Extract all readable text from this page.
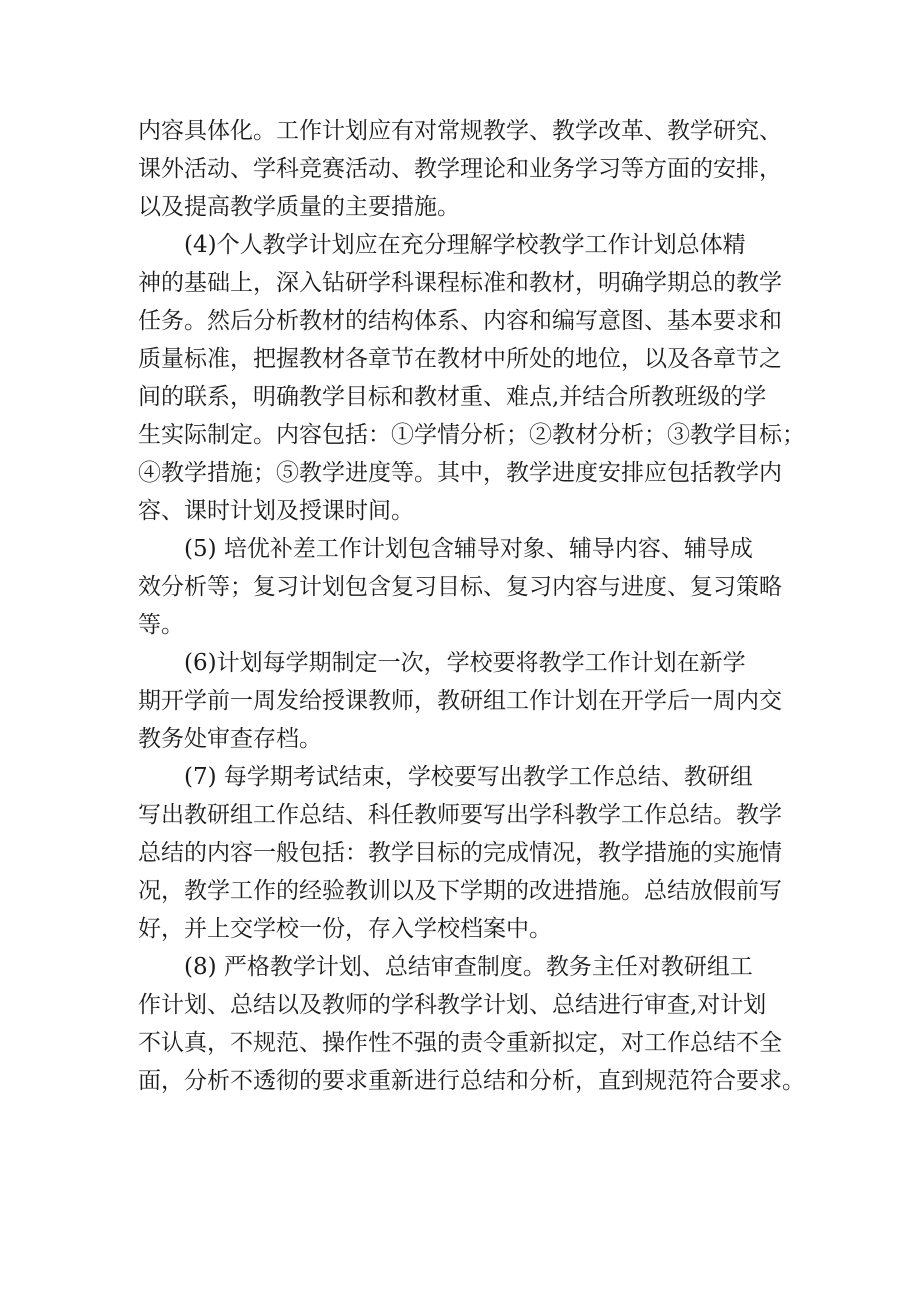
内容具体化。工作计划应有对常规教学、教学改革、教学研究、
课外活动、学科竞赛活动、教学理论和业务学习等方面的安排，
以及提高教学质量的主要措施。
(4)个人教学计划应在充分理解学校教学工作计划总体精
神的基础上，深入钻研学科课程标准和教材，明确学期总的教学
任务。然后分析教材的结构体系、内容和编写意图、基本要求和
质量标准，把握教材各章节在教材中所处的地位，以及各章节之
间的联系，明确教学目标和教材重、难点,并结合所教班级的学
生实际制定。内容包括：①学情分析；②教材分析；③教学目标；
④教学措施；⑤教学进度等。其中，教学进度安排应包括教学内
容、课时计划及授课时间。
(5) 培优补差工作计划包含辅导对象、辅导内容、辅导成
效分析等；复习计划包含复习目标、复习内容与进度、复习策略
等。
(6)计划每学期制定一次，学校要将教学工作计划在新学
期开学前一周发给授课教师，教研组工作计划在开学后一周内交
教务处审查存档。
(7) 每学期考试结束，学校要写出教学工作总结、教研组
写出教研组工作总结、科任教师要写出学科教学工作总结。教学
总结的内容一般包括：教学目标的完成情况，教学措施的实施情
况，教学工作的经验教训以及下学期的改进措施。总结放假前写
好，并上交学校一份，存入学校档案中。
(8) 严格教学计划、总结审查制度。教务主任对教研组工
作计划、总结以及教师的学科教学计划、总结进行审查,对计划
不认真，不规范、操作性不强的责令重新拟定，对工作总结不全
面，分析不透彻的要求重新进行总结和分析，直到规范符合要求。
